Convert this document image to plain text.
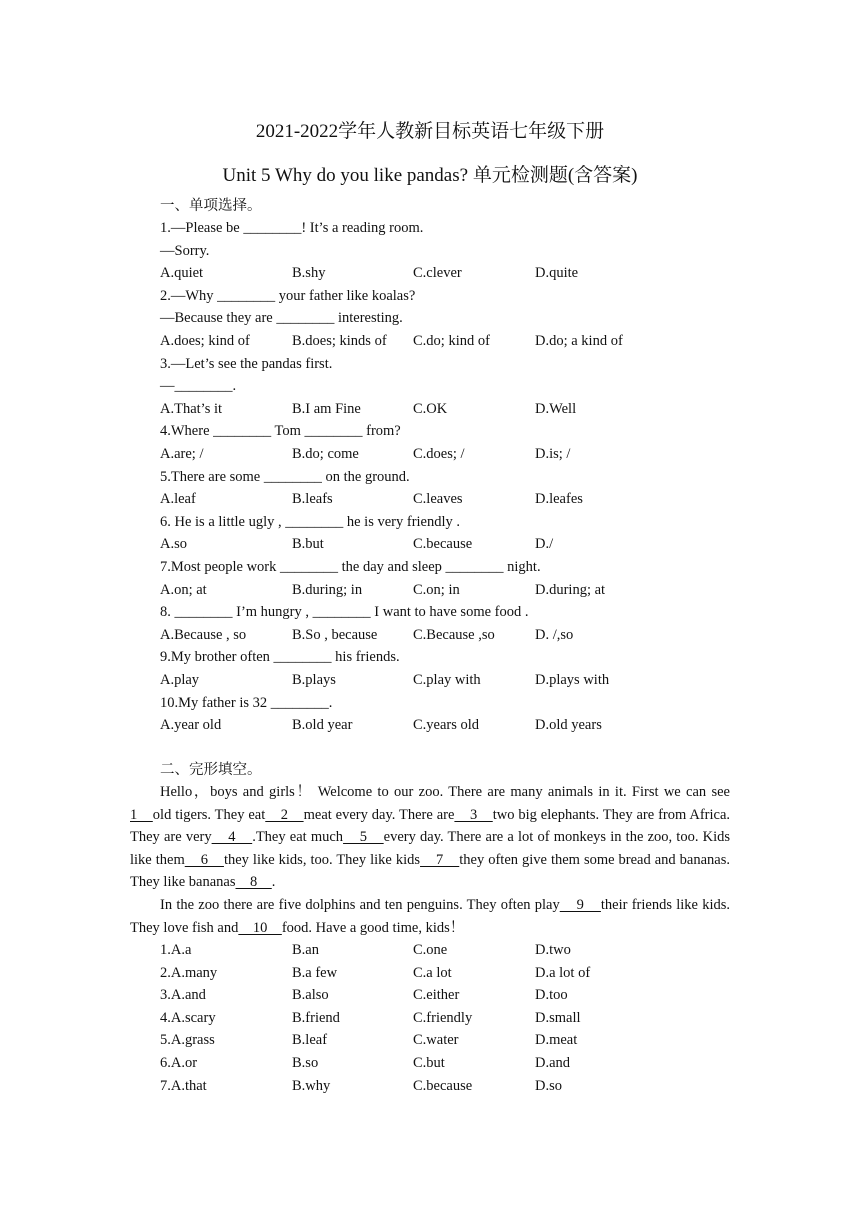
2021-2022学年人教新目标英语七年级下册
Unit 5 Why do you like pandas? 单元检测题(含答案)
一、单项选择。
1.—Please be ________! It’s a reading room.
—Sorry.
A.quiet	B.shy	C.clever	D.quite
2.—Why ________ your father like koalas?
—Because they are ________ interesting.
A.does; kind of	B.does; kinds of C.do; kind of	D.do; a kind of
3.—Let’s see the pandas first.
—________.
A.That’s it	B.I am Fine	C.OK	D.Well
4.Where ________ Tom ________ from?
A.are; /	B.do; come	C.does; /	D.is; /
5.There are some ________ on the ground.
A.leaf	B.leafs	C.leaves	D.leafes
6. He is a little ugly , ________ he is very friendly .
A.so	B.but	C.because	D./
7.Most people work ________ the day and sleep ________ night.
A.on; at	B.during; in	C.on; in	D.during; at
8. ________ I’m hungry , ________ I want to have some food .
A.Because , so	B.So , because C.Because ,so	D. /,so
9.My brother often ________ his friends.
A.play	B.plays	C.play with	D.plays with
10.My father is 32 ________.
A.year old	B.old year	C.years old	D.old years
二、完形填空。
Hello，boys and girls！ Welcome to our zoo. There are many animals in it. First we can see 1    old tigers. They eat    2    meat every day. There are    3    two big elephants. They are from Africa. They are very    4    .They eat much    5    every day. There are a lot of monkeys in the zoo, too. Kids like them    6    they like kids, too. They like kids    7    they often give them some bread and bananas. They like bananas    8    .
In the zoo there are five dolphins and ten penguins. They often play    9    their friends like kids. They love fish and    10    food. Have a good time, kids！
1.A.a	B.an	C.one	D.two
2.A.many	B.a few	C.a lot	D.a lot of
3.A.and	B.also	C.either	D.too
4.A.scary	B.friend	C.friendly	D.small
5.A.grass	B.leaf	C.water	D.meat
6.A.or	B.so	C.but	D.and
7.A.that	B.why	C.because	D.so
